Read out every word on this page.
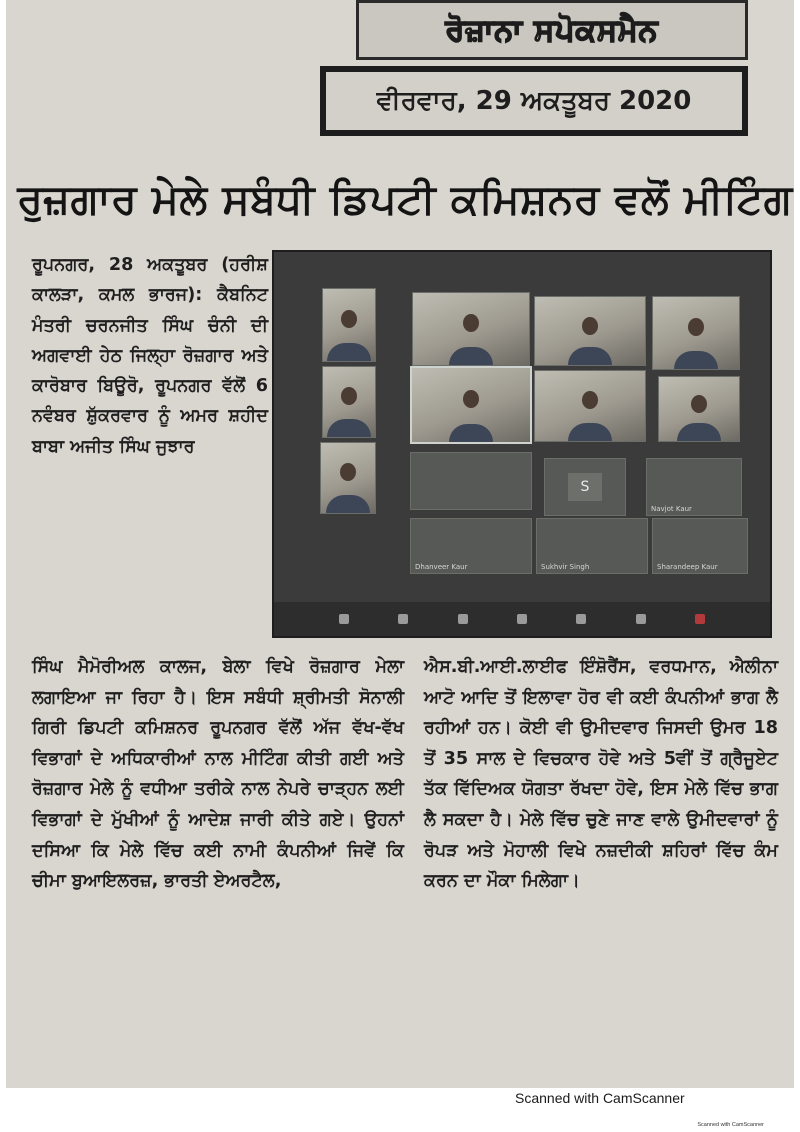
ਰੋਜ਼ਾਨਾ ਸਪੋਕਸਮੈਨ
ਵੀਰਵਾਰ, 29 ਅਕਤੂਬਰ 2020
ਰੁਜ਼ਗਾਰ ਮੇਲੇ ਸਬੰਧੀ ਡਿਪਟੀ ਕਮਿਸ਼ਨਰ ਵਲੋਂ ਮੀਟਿੰਗ

ਰੂਪਨਗਰ, 28 ਅਕਤੂਬਰ (ਹਰੀਸ਼ ਕਾਲੜਾ, ਕਮਲ ਭਾਰਜ): ਕੈਬਨਿਟ ਮੰਤਰੀ ਚਰਨਜੀਤ ਸਿੰਘ ਚੰਨੀ ਦੀ ਅਗਵਾਈ ਹੇਠ ਜਿਲ੍ਹਾ ਰੋਜ਼ਗਾਰ ਅਤੇ ਕਾਰੋਬਾਰ ਬਿਊਰੋ, ਰੂਪਨਗਰ ਵੱਲੋਂ 6 ਨਵੰਬਰ ਸ਼ੁੱਕਰਵਾਰ ਨੂੰ ਅਮਰ ਸ਼ਹੀਦ ਬਾਬਾ ਅਜੀਤ ਸਿੰਘ ਜੁਝਾਰ

S
Navjot Kaur
Dhanveer Kaur	Sukhvir Singh	Sharandeep Kaur

ਸਿੰਘ ਮੈਮੋਰੀਅਲ ਕਾਲਜ, ਬੇਲਾ ਵਿਖੇ ਰੋਜ਼ਗਾਰ ਮੇਲਾ ਲਗਾਇਆ ਜਾ ਰਿਹਾ ਹੈ। ਇਸ ਸਬੰਧੀ ਸ਼੍ਰੀਮਤੀ ਸੋਨਾਲੀ ਗਿਰੀ ਡਿਪਟੀ ਕਮਿਸ਼ਨਰ ਰੂਪਨਗਰ ਵੱਲੋਂ ਅੱਜ ਵੱਖ-ਵੱਖ ਵਿਭਾਗਾਂ ਦੇ ਅਧਿਕਾਰੀਆਂ ਨਾਲ ਮੀਟਿੰਗ ਕੀਤੀ ਗਈ ਅਤੇ ਰੋਜ਼ਗਾਰ ਮੇਲੇ ਨੂੰ ਵਧੀਆ ਤਰੀਕੇ ਨਾਲ ਨੇਪਰੇ ਚਾੜ੍ਹਨ ਲਈ ਵਿਭਾਗਾਂ ਦੇ ਮੁੱਖੀਆਂ ਨੂੰ ਆਦੇਸ਼ ਜਾਰੀ ਕੀਤੇ ਗਏ। ਉਹਨਾਂ ਦਸਿਆ ਕਿ ਮੇਲੇ ਵਿੱਚ ਕਈ ਨਾਮੀ ਕੰਪਨੀਆਂ ਜਿਵੇਂ ਕਿ ਚੀਮਾ ਬੁਆਇਲਰਜ਼, ਭਾਰਤੀ ਏਅਰਟੈਲ,

ਐਸ.ਬੀ.ਆਈ.ਲਾਈਫ ਇੰਸ਼ੋਰੈਂਸ, ਵਰਧਮਾਨ, ਐਲੀਨਾ ਆਟੋ ਆਦਿ ਤੋਂ ਇਲਾਵਾ ਹੋਰ ਵੀ ਕਈ ਕੰਪਨੀਆਂ ਭਾਗ ਲੈ ਰਹੀਆਂ ਹਨ। ਕੋਈ ਵੀ ਉਮੀਦਵਾਰ ਜਿਸਦੀ ਉਮਰ 18 ਤੋਂ 35 ਸਾਲ ਦੇ ਵਿਚਕਾਰ ਹੋਵੇ ਅਤੇ 5ਵੀਂ ਤੋਂ ਗ੍ਰੈਜੂਏਟ ਤੱਕ ਵਿੱਦਿਅਕ ਯੋਗਤਾ ਰੱਖਦਾ ਹੋਵੇ, ਇਸ ਮੇਲੇ ਵਿੱਚ ਭਾਗ ਲੈ ਸਕਦਾ ਹੈ। ਮੇਲੇ ਵਿੱਚ ਚੁਣੇ ਜਾਣ ਵਾਲੇ ਉਮੀਦਵਾਰਾਂ ਨੂੰ ਰੋਪੜ ਅਤੇ ਮੋਹਾਲੀ ਵਿਖੇ ਨਜ਼ਦੀਕੀ ਸ਼ਹਿਰਾਂ ਵਿੱਚ ਕੰਮ ਕਰਨ ਦਾ ਮੌਕਾ ਮਿਲੇਗਾ।

Scanned with CamScanner
Scanned with CamScanner
